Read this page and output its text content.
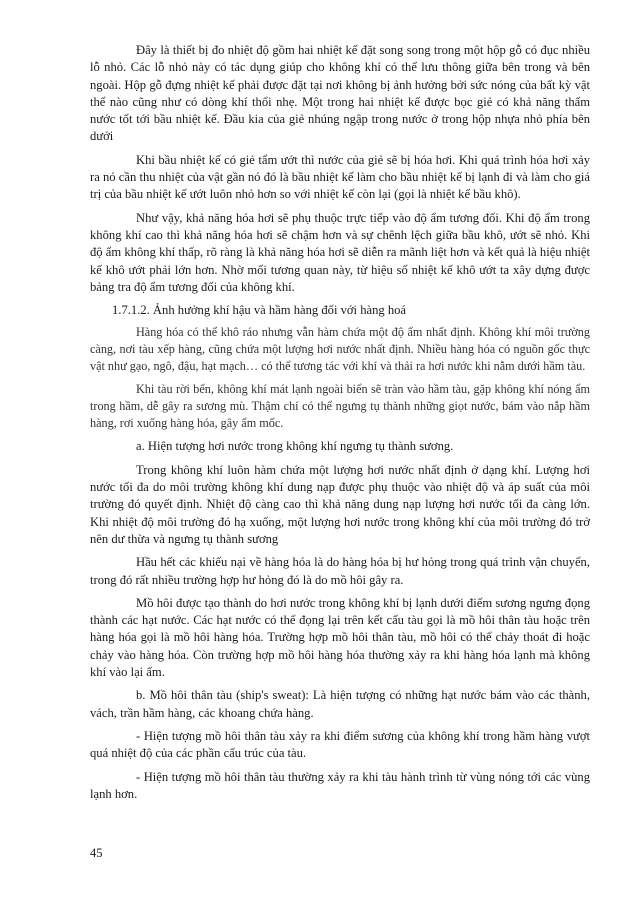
Đây là thiết bị đo nhiệt độ gồm hai nhiệt kế đặt song song trong một hộp gỗ có đục nhiều lỗ nhỏ. Các lỗ nhỏ này có tác dụng giúp cho không khí có thể lưu thông giữa bên trong và bên ngoài. Hộp gỗ đựng nhiệt kế phải được đặt tại nơi không bị ảnh hưởng bởi sức nóng của bất kỳ vật thể nào cũng như có dòng khí thổi nhẹ. Một trong hai nhiệt kế được bọc giẻ có khả năng thấm nước tốt tới bầu nhiệt kế. Đầu kia của giẻ nhúng ngập trong nước ở trong hộp nhựa nhỏ phía bên dưới

Khi bầu nhiệt kế có giẻ tẩm ướt thì nước của giẻ sẽ bị hóa hơi. Khi quá trình hóa hơi xảy ra nó cần thu nhiệt của vật gần nó đó là bầu nhiệt kế làm cho bầu nhiệt kế bị lạnh đi và làm cho giá trị của bầu nhiệt kế ướt luôn nhỏ hơn so với nhiệt kế còn lại (gọi là nhiệt kế bầu khô).

Như vậy, khả năng hóa hơi sẽ phụ thuộc trực tiếp vào độ ẩm tương đối. Khi độ ẩm trong không khí cao thì khả năng hóa hơi sẽ chậm hơn và sự chênh lệch giữa bầu khô, ướt sẽ nhỏ. Khi độ ẩm không khí thấp, rõ ràng là khả năng hóa hơi sẽ diễn ra mãnh liệt hơn và kết quả là hiệu nhiệt kế khô ướt phải lớn hơn. Nhờ mối tương quan này, từ hiệu số nhiệt kế khô ướt ta xây dựng được bảng tra độ ẩm tương đối của không khí.

1.7.1.2. Ảnh hưởng khí hậu và hầm hàng đối với hàng hoá

Hàng hóa có thể khô ráo nhưng vẫn hàm chứa một độ ẩm nhất định. Không khí môi trường càng, nơi tàu xếp hàng, cũng chứa một lượng hơi nước nhất định. Nhiều hàng hóa có nguồn gốc thực vật như gạo, ngô, đậu, hạt mạch… có thể tương tác với khí và thải ra hơi nước khi nằm dưới hầm tàu.

Khi tàu rời bến, không khí mát lạnh ngoài biển sẽ tràn vào hầm tàu, gặp không khí nóng ẩm trong hầm, dễ gây ra sương mù. Thậm chí có thể ngưng tụ thành những giọt nước, bám vào nắp hầm hàng, rơi xuống hàng hóa, gây ẩm mốc.

a. Hiện tượng hơi nước trong không khí ngưng tụ thành sương.

Trong không khí luôn hàm chứa một lượng hơi nước nhất định ở dạng khí. Lượng hơi nước tối đa do môi trường không khí dung nạp được phụ thuộc vào nhiệt độ và áp suất của môi trường đó quyết định. Nhiệt độ càng cao thì khả năng dung nạp lượng hơi nước tối đa càng lớn. Khi nhiệt độ môi trường đó hạ xuống, một lượng hơi nước trong không khí của môi trường đó trở nên dư thừa và ngưng tụ thành sương

Hầu hết các khiếu nại về hàng hóa là do hàng hóa bị hư hỏng trong quá trình vận chuyển, trong đó rất nhiều trường hợp hư hỏng đó là do mồ hôi gây ra.

Mồ hôi được tạo thành do hơi nước trong không khí bị lạnh dưới điểm sương ngưng đọng thành các hạt nước. Các hạt nước có thể đọng lại trên kết cấu tàu gọi là mồ hôi thân tàu hoặc trên hàng hóa gọi là mồ hôi hàng hóa. Trường hợp mồ hôi thân tàu, mồ hôi có thể chảy thoát đi hoặc chảy vào hàng hóa. Còn trường hợp mồ hôi hàng hóa thường xảy ra khi hàng hóa lạnh mà không khí vào lại ấm.

b. Mồ hôi thân tàu (ship's sweat): Là hiện tượng có những hạt nước bám vào các thành, vách, trần hầm hàng, các khoang chứa hàng.

- Hiện tượng mồ hôi thân tàu xảy ra khi điểm sương của không khí trong hầm hàng vượt quá nhiệt độ của các phần cấu trúc của tàu.

- Hiện tượng mồ hôi thân tàu thường xảy ra khi tàu hành trình từ vùng nóng tới các vùng lạnh hơn.

45
